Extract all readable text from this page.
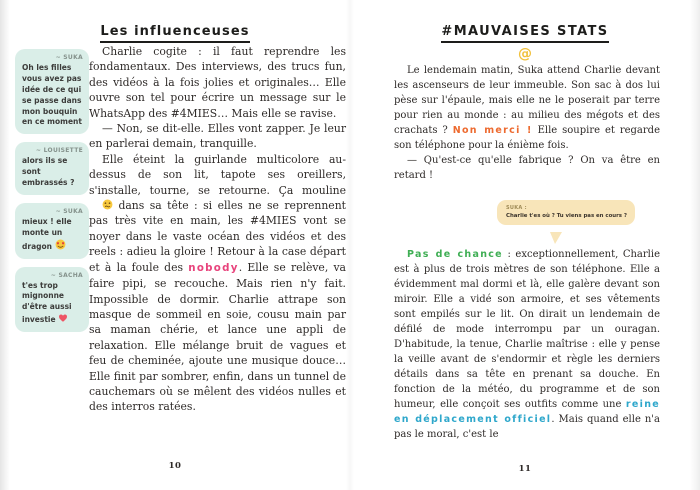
Les influenceuses
~ SUKA
Oh les filles vous avez pas idée de ce qui se passe dans mon bouquin en ce moment
~ LOUISETTE
alors ils se sont embrassés ?
~ SUKA
mieux ! elle monte un dragon
~ SACHA
t'es trop mignonne d'être aussi investie

Charlie cogite : il faut reprendre les fondamentaux. Des interviews, des trucs fun, des vidéos à la fois jolies et originales… Elle ouvre son tel pour écrire un message sur le WhatsApp des #4MIES… Mais elle se ravise.

— Non, se dit-elle. Elles vont zapper. Je leur en parlerai demain, tranquille.

Elle éteint la guirlande multicolore au-dessus de son lit, tapote ses oreillers, s'installe, tourne, se retourne. Ça mouline  dans sa tête : si elles ne se reprennent pas très vite en main, les #4MIES vont se noyer dans le vaste océan des vidéos et des reels : adieu la gloire ! Retour à la case départ et à la foule des nobody. Elle se relève, va faire pipi, se recouche. Mais rien n'y fait. Impossible de dormir. Charlie attrape son masque de sommeil en soie, cousu main par sa maman chérie, et lance une appli de relaxation. Elle mélange bruit de vagues et feu de cheminée, ajoute une musique douce… Elle finit par sombrer, enfin, dans un tunnel de cauchemars où se mêlent des vidéos nulles et des interros ratées.

10
#MAUVAISES STATS
@

Le lendemain matin, Suka attend Charlie devant les ascenseurs de leur immeuble. Son sac à dos lui pèse sur l'épaule, mais elle ne le poserait par terre pour rien au monde : au milieu des mégots et des crachats ? Non merci ! Elle soupire et regarde son téléphone pour la énième fois.

— Qu'est-ce qu'elle fabrique ? On va être en retard !

SUKA :
Charlie t'es où ? Tu viens pas en cours ?

Pas de chance : exceptionnellement, Charlie est à plus de trois mètres de son téléphone. Elle a évidemment mal dormi et là, elle galère devant son miroir. Elle a vidé son armoire, et ses vêtements sont empilés sur le lit. On dirait un lendemain de défilé de mode interrompu par un ouragan. D'habitude, la tenue, Charlie maîtrise : elle y pense la veille avant de s'endormir et règle les derniers détails dans sa tête en prenant sa douche. En fonction de la météo, du programme et de son humeur, elle conçoit ses outfits comme une reine en déplacement officiel. Mais quand elle n'a pas le moral, c'est le

11
